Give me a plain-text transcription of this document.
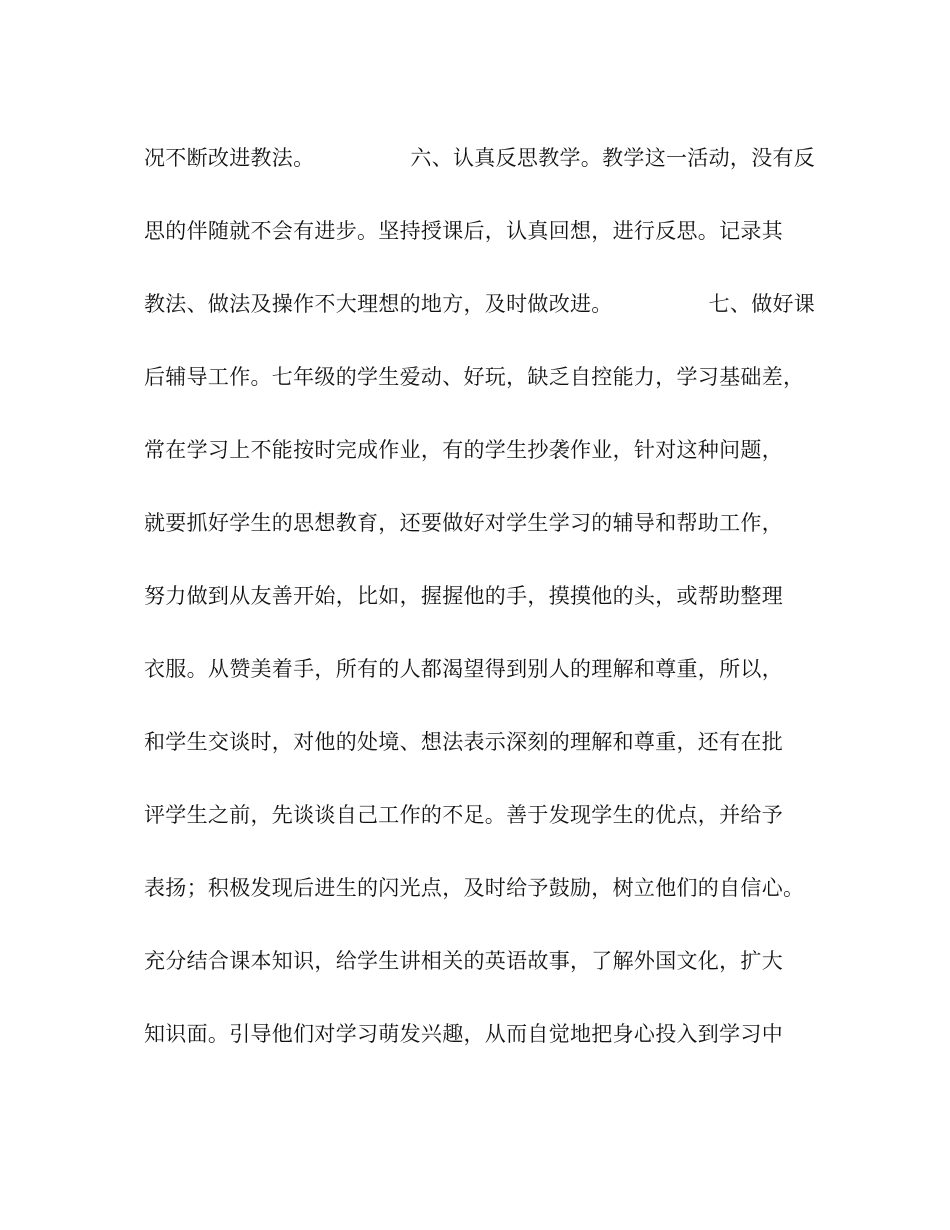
况不断改进教法。　　　　　六、认真反思教学。教学这一活动，没有反
思的伴随就不会有进步。坚持授课后，认真回想，进行反思。记录其
教法、做法及操作不大理想的地方，及时做改进。　　　　　七、做好课
后辅导工作。七年级的学生爱动、好玩，缺乏自控能力，学习基础差，
常在学习上不能按时完成作业，有的学生抄袭作业，针对这种问题，
就要抓好学生的思想教育，还要做好对学生学习的辅导和帮助工作，
努力做到从友善开始，比如，握握他的手，摸摸他的头，或帮助整理
衣服。从赞美着手，所有的人都渴望得到别人的理解和尊重，所以，
和学生交谈时，对他的处境、想法表示深刻的理解和尊重，还有在批
评学生之前，先谈谈自己工作的不足。善于发现学生的优点，并给予
表扬；积极发现后进生的闪光点，及时给予鼓励，树立他们的自信心。
充分结合课本知识，给学生讲相关的英语故事，了解外国文化，扩大
知识面。引导他们对学习萌发兴趣，从而自觉地把身心投入到学习中
